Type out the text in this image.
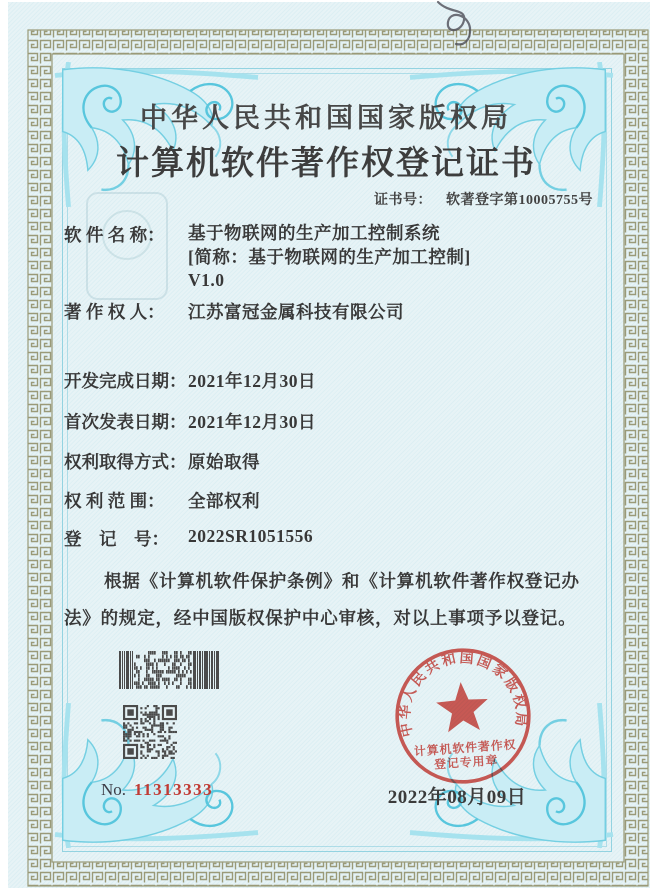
中华人民共和国国家版权局
计算机软件著作权登记证书
证书号： 软著登字第10005755号
软 件 名 称：	基于物联网的生产加工控制系统
[简称：基于物联网的生产加工控制]
V1.0
著 作 权 人：	江苏富冠金属科技有限公司
开发完成日期： 2021年12月30日
首次发表日期： 2021年12月30日
权利取得方式： 原始取得
权 利 范 围：	全部权利
登　记　号：	2022SR1051556

根据《计算机软件保护条例》和《计算机软件著作权登记办法》的规定，经中国版权保护中心审核，对以上事项予以登记。

No. 11313333	2022年08月09日
中华人民共和国国家版权局
计算机软件著作权
登记专用章
